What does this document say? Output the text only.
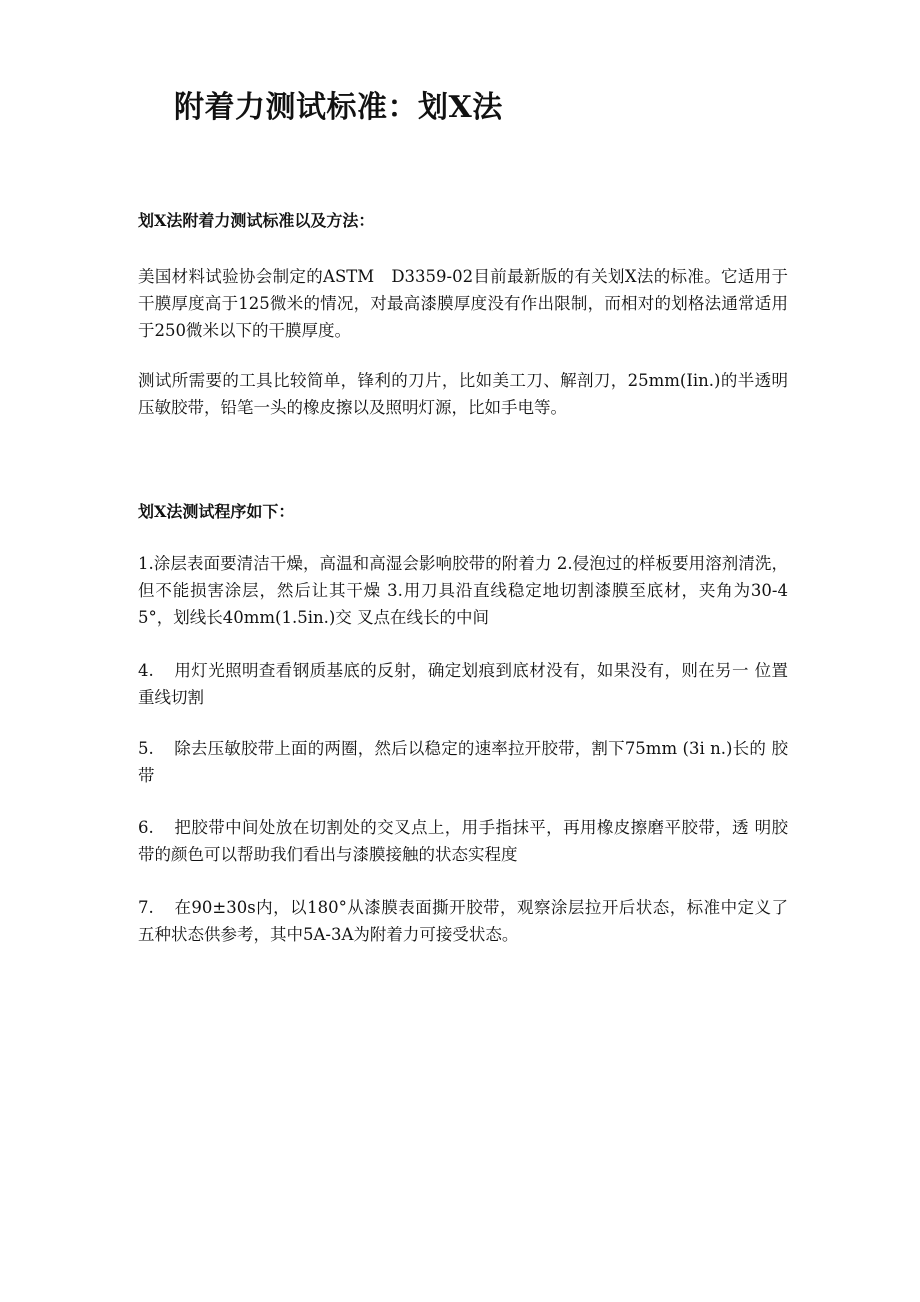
附着力测试标准：划X法
划X法附着力测试标准以及方法：

美国材料试验协会制定的ASTM　D3359-02目前最新版的有关划X法的标准。它适用于干膜厚度高于125微米的情况，对最高漆膜厚度没有作出限制，而相对的划格法通常适用于250微米以下的干膜厚度。

测试所需要的工具比较简单，锋利的刀片，比如美工刀、解剖刀，25mm(Iin.)的半透明压敏胶带，铅笔一头的橡皮擦以及照明灯源，比如手电等。

划X法测试程序如下：

1.涂层表面要清洁干燥，高温和高湿会影响胶带的附着力 2.侵泡过的样板要用溶剂清洗，但不能损害涂层，然后让其干燥 3.用刀具沿直线稳定地切割漆膜至底材，夹角为30-45°，划线长40mm(1.5in.)交 叉点在线长的中间

4. 用灯光照明查看钢质基底的反射，确定划痕到底材没有，如果没有，则在另一 位置重线切割

5. 除去压敏胶带上面的两圈，然后以稳定的速率拉开胶带，割下75mm (3i n.)长的 胶带

6. 把胶带中间处放在切割处的交叉点上，用手指抹平，再用橡皮擦磨平胶带，透 明胶带的颜色可以帮助我们看出与漆膜接触的状态实程度

7. 在90±30s内，以180°从漆膜表面撕开胶带，观察涂层拉开后状态，标准中定义了五种状态供参考，其中5A-3A为附着力可接受状态。
